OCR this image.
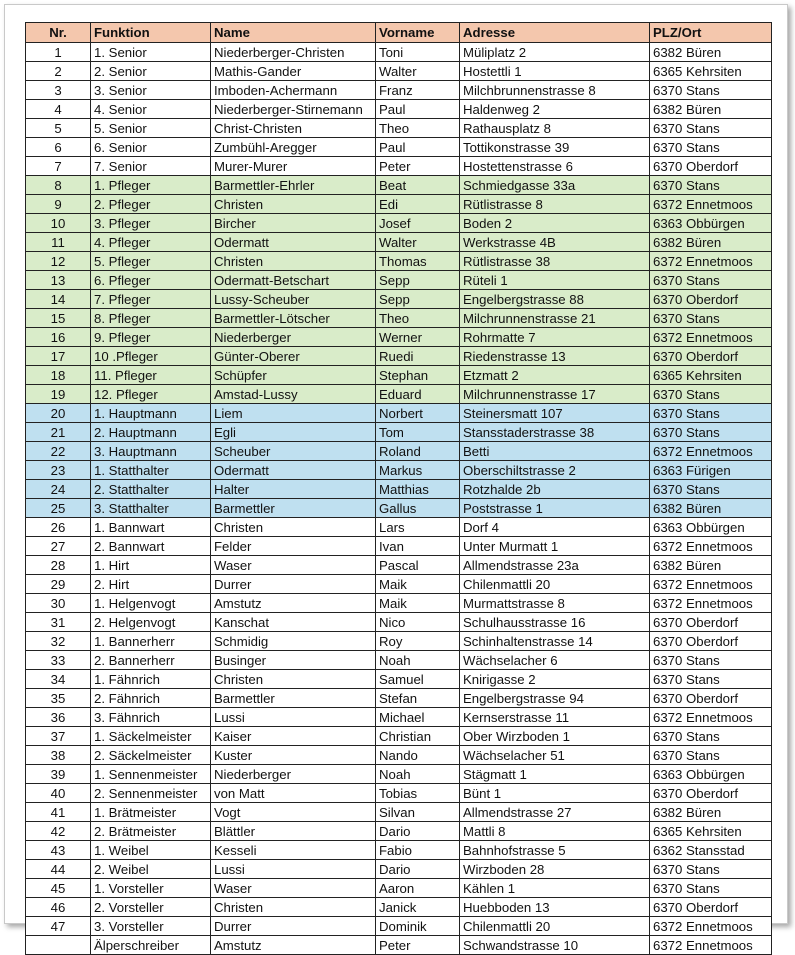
Nr.	Funktion	Name	Vorname	Adresse	PLZ/Ort
1	1. Senior	Niederberger-Christen	Toni	Müliplatz 2	6382 Büren
2	2. Senior	Mathis-Gander	Walter	Hostettli 1	6365 Kehrsiten
3	3. Senior	Imboden-Achermann	Franz	Milchbrunnenstrasse 8	6370 Stans
4	4. Senior	Niederberger-Stirnemann	Paul	Haldenweg 2	6382 Büren
5	5. Senior	Christ-Christen	Theo	Rathausplatz 8	6370 Stans
6	6. Senior	Zumbühl-Aregger	Paul	Tottikonstrasse 39	6370 Stans
7	7. Senior	Murer-Murer	Peter	Hostettenstrasse 6	6370 Oberdorf
8	1. Pfleger	Barmettler-Ehrler	Beat	Schmiedgasse 33a	6370 Stans
9	2. Pfleger	Christen	Edi	Rütlistrasse 8	6372 Ennetmoos
10	3. Pfleger	Bircher	Josef	Boden 2	6363 Obbürgen
11	4. Pfleger	Odermatt	Walter	Werkstrasse 4B	6382 Büren
12	5. Pfleger	Christen	Thomas	Rütlistrasse 38	6372 Ennetmoos
13	6. Pfleger	Odermatt-Betschart	Sepp	Rüteli 1	6370 Stans
14	7. Pfleger	Lussy-Scheuber	Sepp	Engelbergstrasse 88	6370 Oberdorf
15	8. Pfleger	Barmettler-Lötscher	Theo	Milchrunnenstrasse 21	6370 Stans
16	9. Pfleger	Niederberger	Werner	Rohrmatte 7	6372 Ennetmoos
17	10 .Pfleger	Günter-Oberer	Ruedi	Riedenstrasse 13	6370 Oberdorf
18	11. Pfleger	Schüpfer	Stephan	Etzmatt 2	6365 Kehrsiten
19	12. Pfleger	Amstad-Lussy	Eduard	Milchrunnenstrasse 17	6370 Stans
20	1. Hauptmann	Liem	Norbert	Steinersmatt 107	6370 Stans
21	2. Hauptmann	Egli	Tom	Stansstaderstrasse 38	6370 Stans
22	3. Hauptmann	Scheuber	Roland	Betti	6372 Ennetmoos
23	1. Statthalter	Odermatt	Markus	Oberschiltstrasse 2	6363 Fürigen
24	2. Statthalter	Halter	Matthias	Rotzhalde 2b	6370 Stans
25	3. Statthalter	Barmettler	Gallus	Poststrasse 1	6382 Büren
26	1. Bannwart	Christen	Lars	Dorf 4	6363 Obbürgen
27	2. Bannwart	Felder	Ivan	Unter Murmatt 1	6372 Ennetmoos
28	1. Hirt	Waser	Pascal	Allmendstrasse 23a	6382 Büren
29	2. Hirt	Durrer	Maik	Chilenmattli 20	6372 Ennetmoos
30	1. Helgenvogt	Amstutz	Maik	Murmattstrasse 8	6372 Ennetmoos
31	2. Helgenvogt	Kanschat	Nico	Schulhausstrasse 16	6370 Oberdorf
32	1. Bannerherr	Schmidig	Roy	Schinhaltenstrasse 14	6370 Oberdorf
33	2. Bannerherr	Businger	Noah	Wächselacher 6	6370 Stans
34	1. Fähnrich	Christen	Samuel	Knirigasse 2	6370 Stans
35	2. Fähnrich	Barmettler	Stefan	Engelbergstrasse 94	6370 Oberdorf
36	3. Fähnrich	Lussi	Michael	Kernserstrasse 11	6372 Ennetmoos
37	1. Säckelmeister	Kaiser	Christian	Ober Wirzboden 1	6370 Stans
38	2. Säckelmeister	Kuster	Nando	Wächselacher 51	6370 Stans
39	1. Sennenmeister	Niederberger	Noah	Stägmatt 1	6363 Obbürgen
40	2. Sennenmeister	von Matt	Tobias	Bünt 1	6370 Oberdorf
41	1. Brätmeister	Vogt	Silvan	Allmendstrasse 27	6382 Büren
42	2. Brätmeister	Blättler	Dario	Mattli 8	6365 Kehrsiten
43	1. Weibel	Kesseli	Fabio	Bahnhofstrasse 5	6362 Stansstad
44	2. Weibel	Lussi	Dario	Wirzboden 28	6370 Stans
45	1. Vorsteller	Waser	Aaron	Kählen 1	6370 Stans
46	2. Vorsteller	Christen	Janick	Huebboden 13	6370 Oberdorf
47	3. Vorsteller	Durrer	Dominik	Chilenmattli 20	6372 Ennetmoos
	Älperschreiber	Amstutz	Peter	Schwandstrasse 10	6372 Ennetmoos
